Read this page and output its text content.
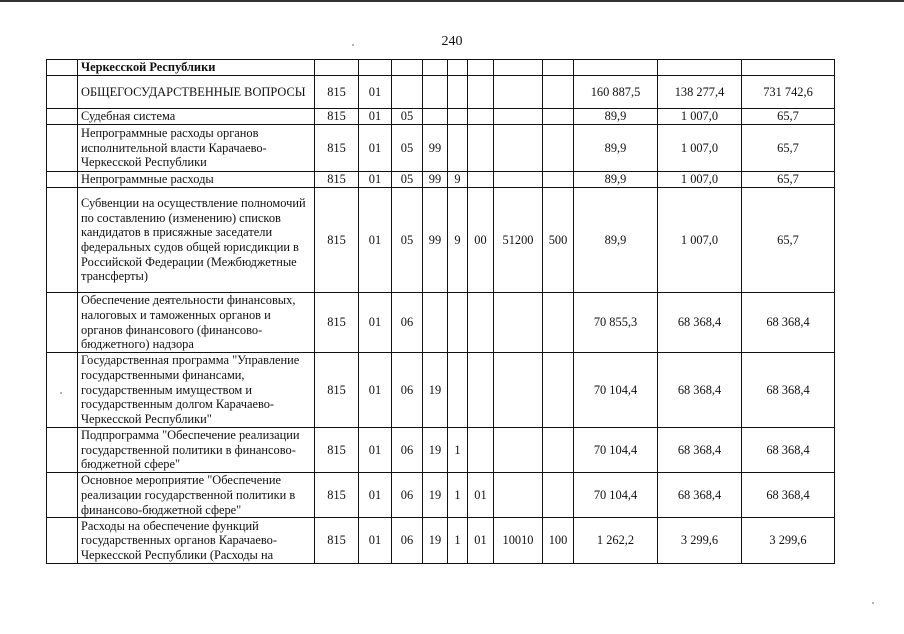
240
	Черкесской Республики											
	ОБЩЕГОСУДАРСТВЕННЫЕ ВОПРОСЫ	815	01							160 887,5	138 277,4	731 742,6
	Судебная система	815	01	05						89,9	1 007,0	65,7
	Непрограммные расходы органов исполнительной власти Карачаево-Черкесской Республики	815	01	05	99					89,9	1 007,0	65,7
	Непрограммные расходы	815	01	05	99	9				89,9	1 007,0	65,7
	Субвенции на осуществление полномочий по составлению (изменению) списков кандидатов в присяжные заседатели федеральных судов общей юрисдикции в Российской Федерации (Межбюджетные трансферты)	815	01	05	99	9	00	51200	500	89,9	1 007,0	65,7
	Обеспечение деятельности финансовых, налоговых и таможенных органов и органов финансового (финансово-бюджетного) надзора	815	01	06						70 855,3	68 368,4	68 368,4
	Государственная программа "Управление государственными финансами, государственным имуществом и государственным долгом Карачаево-Черкесской Республики"	815	01	06	19					70 104,4	68 368,4	68 368,4
	Подпрограмма "Обеспечение реализации государственной политики в финансово-бюджетной сфере"	815	01	06	19	1				70 104,4	68 368,4	68 368,4
	Основное мероприятие "Обеспечение реализации государственной политики в финансово-бюджетной сфере"	815	01	06	19	1	01			70 104,4	68 368,4	68 368,4
	Расходы на обеспечение функций государственных органов Карачаево-Черкесской Республики (Расходы на	815	01	06	19	1	01	10010	100	1 262,2	3 299,6	3 299,6
